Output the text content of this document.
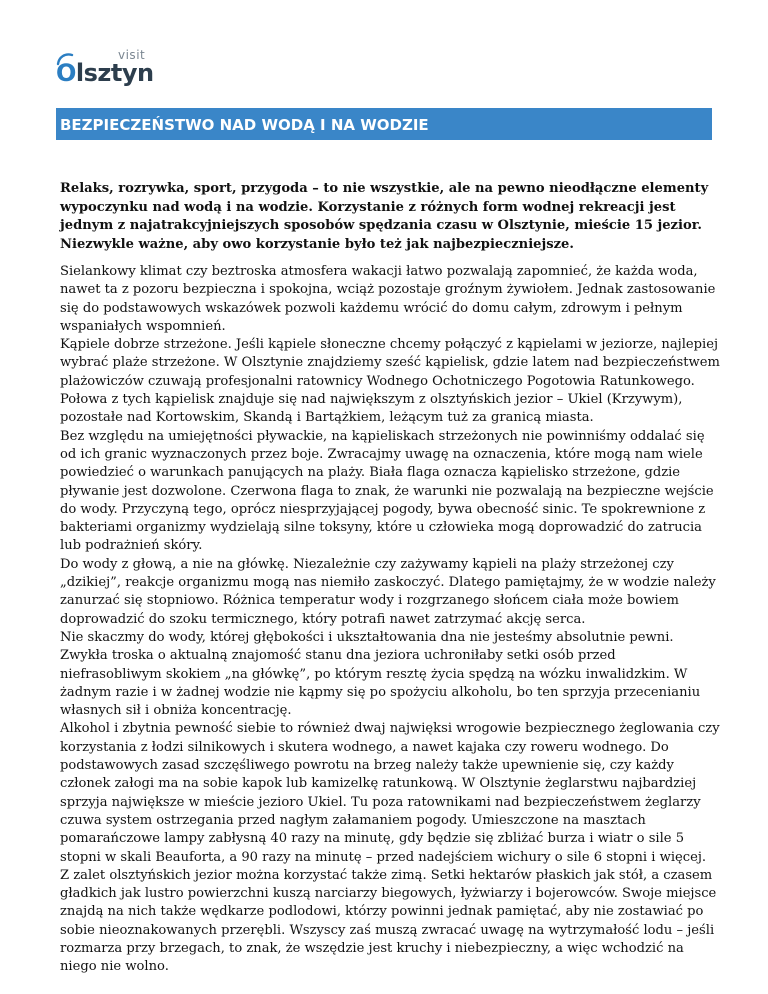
visit
Olsztyn
BEZPIECZEŃSTWO NAD WODĄ I NA WODZIE

Relaks, rozrywka, sport, przygoda – to nie wszystkie, ale na pewno nieodłączne elementy wypoczynku nad wodą i na wodzie. Korzystanie z różnych form wodnej rekreacji jest jednym z najatrakcyjniejszych sposobów spędzania czasu w Olsztynie, mieście 15 jezior. Niezwykle ważne, aby owo korzystanie było też jak najbezpieczniejsze.

Sielankowy klimat czy beztroska atmosfera wakacji łatwo pozwalają zapomnieć, że każda woda, nawet ta z pozoru bezpieczna i spokojna, wciąż pozostaje groźnym żywiołem. Jednak zastosowanie się do podstawowych wskazówek pozwoli każdemu wrócić do domu całym, zdrowym i pełnym wspaniałych wspomnień.

Kąpiele dobrze strzeżone. Jeśli kąpiele słoneczne chcemy połączyć z kąpielami w jeziorze, najlepiej wybrać plaże strzeżone. W Olsztynie znajdziemy sześć kąpielisk, gdzie latem nad bezpieczeństwem plażowiczów czuwają profesjonalni ratownicy Wodnego Ochotniczego Pogotowia Ratunkowego. Połowa z tych kąpielisk znajduje się nad największym z olsztyńskich jezior – Ukiel (Krzywym), pozostałe nad Kortowskim, Skandą i Bartążkiem, leżącym tuż za granicą miasta.

Bez względu na umiejętności pływackie, na kąpieliskach strzeżonych nie powinniśmy oddalać się od ich granic wyznaczonych przez boje. Zwracajmy uwagę na oznaczenia, które mogą nam wiele powiedzieć o warunkach panujących na plaży. Biała flaga oznacza kąpielisko strzeżone, gdzie pływanie jest dozwolone. Czerwona flaga to znak, że warunki nie pozwalają na bezpieczne wejście do wody. Przyczyną tego, oprócz niesprzyjającej pogody, bywa obecność sinic. Te spokrewnione z bakteriami organizmy wydzielają silne toksyny, które u człowieka mogą doprowadzić do zatrucia lub podrażnień skóry.

Do wody z głową, a nie na główkę. Niezależnie czy zażywamy kąpieli na plaży strzeżonej czy „dzikiej”, reakcje organizmu mogą nas niemiło zaskoczyć. Dlatego pamiętajmy, że w wodzie należy zanurzać się stopniowo. Różnica temperatur wody i rozgrzanego słońcem ciała może bowiem doprowadzić do szoku termicznego, który potrafi nawet zatrzymać akcję serca.

Nie skaczmy do wody, której głębokości i ukształtowania dna nie jesteśmy absolutnie pewni. Zwykła troska o aktualną znajomość stanu dna jeziora uchroniłaby setki osób przed niefrasobliwym skokiem „na główkę”, po którym resztę życia spędzą na wózku inwalidzkim. W żadnym razie i w żadnej wodzie nie kąpmy się po spożyciu alkoholu, bo ten sprzyja przecenianiu własnych sił i obniża koncentrację.

Alkohol i zbytnia pewność siebie to również dwaj najwięksi wrogowie bezpiecznego żeglowania czy korzystania z łodzi silnikowych i skutera wodnego, a nawet kajaka czy roweru wodnego. Do podstawowych zasad szczęśliwego powrotu na brzeg należy także upewnienie się, czy każdy członek załogi ma na sobie kapok lub kamizelkę ratunkową. W Olsztynie żeglarstwu najbardziej sprzyja największe w mieście jezioro Ukiel. Tu poza ratownikami nad bezpieczeństwem żeglarzy czuwa system ostrzegania przed nagłym załamaniem pogody. Umieszczone na masztach pomarańczowe lampy zabłysną 40 razy na minutę, gdy będzie się zbliżać burza i wiatr o sile 5 stopni w skali Beauforta, a 90 razy na minutę – przed nadejściem wichury o sile 6 stopni i więcej.

Z zalet olsztyńskich jezior można korzystać także zimą. Setki hektarów płaskich jak stół, a czasem gładkich jak lustro powierzchni kuszą narciarzy biegowych, łyżwiarzy i bojerowców. Swoje miejsce znajdą na nich także wędkarze podlodowi, którzy powinni jednak pamiętać, aby nie zostawiać po sobie nieoznakowanych przerębli. Wszyscy zaś muszą zwracać uwagę na wytrzymałość lodu – jeśli rozmarza przy brzegach, to znak, że wszędzie jest kruchy i niebezpieczny, a więc wchodzić na niego nie wolno.
